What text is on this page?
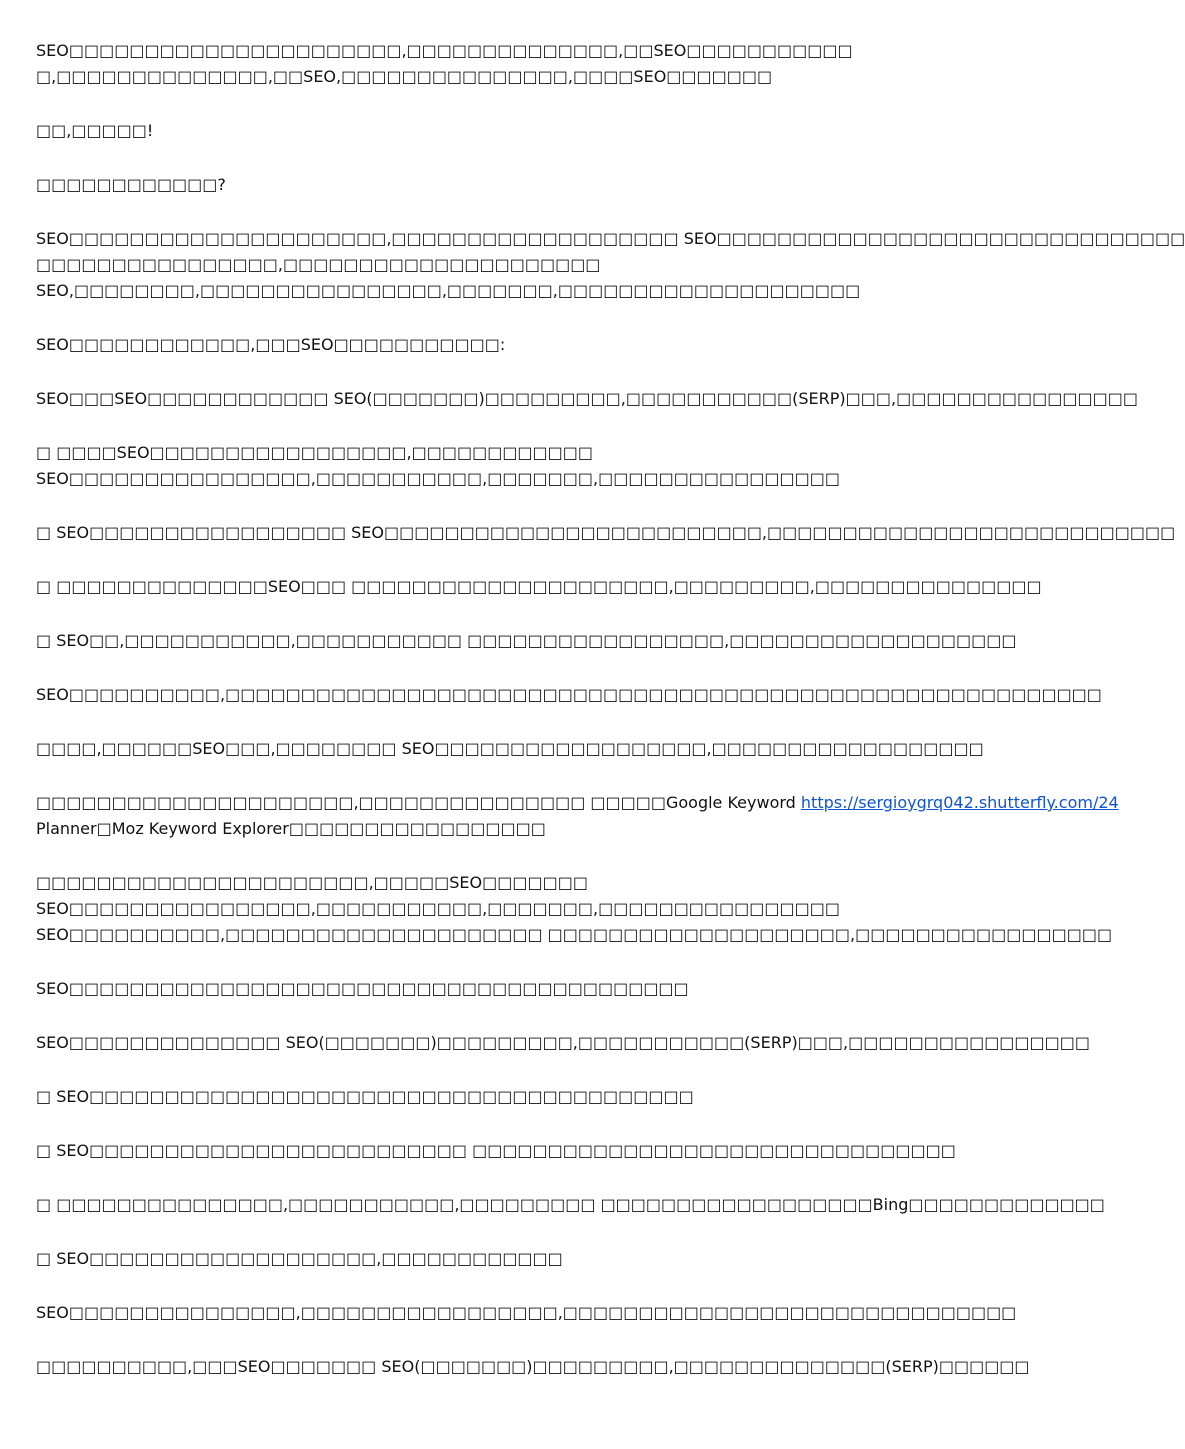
SEO□□□□□□□□□□□□□□□□□□□□□□,□□□□□□□□□□□□□□,□□SEO□□□□□□□□□□□
□,□□□□□□□□□□□□□□,□□SEO,□□□□□□□□□□□□□□□,□□□□SEO□□□□□□□

□□,□□□□□!

□□□□□□□□□□□□?

SEO□□□□□□□□□□□□□□□□□□□□□,□□□□□□□□□□□□□□□□□□□ SEO□□□□□□□□□□□□□□□□□□□□□□□□□□□□□□□
□□□□□□□□□□□□□□□□,□□□□□□□□□□□□□□□□□□□□□
SEO,□□□□□□□□,□□□□□□□□□□□□□□□□,□□□□□□□,□□□□□□□□□□□□□□□□□□□□

SEO□□□□□□□□□□□□,□□□SEO□□□□□□□□□□□:

SEO□□□SEO□□□□□□□□□□□□ SEO(□□□□□□□)□□□□□□□□□,□□□□□□□□□□□(SERP)□□□,□□□□□□□□□□□□□□□□

□ □□□□SEO□□□□□□□□□□□□□□□□□,□□□□□□□□□□□□
SEO□□□□□□□□□□□□□□□□,□□□□□□□□□□□,□□□□□□□,□□□□□□□□□□□□□□□□

□ SEO□□□□□□□□□□□□□□□□□ SEO□□□□□□□□□□□□□□□□□□□□□□□□□,□□□□□□□□□□□□□□□□□□□□□□□□□□□

□ □□□□□□□□□□□□□□SEO□□□ □□□□□□□□□□□□□□□□□□□□□,□□□□□□□□□,□□□□□□□□□□□□□□□

□ SEO□□,□□□□□□□□□□□,□□□□□□□□□□□ □□□□□□□□□□□□□□□□□,□□□□□□□□□□□□□□□□□□□

SEO□□□□□□□□□□,□□□□□□□□□□□□□□□□□□□□□□□□□□□□□□□□□□□□□□□□□□□□□□□□□□□□□□□□□□

□□□□,□□□□□□SEO□□□,□□□□□□□□ SEO□□□□□□□□□□□□□□□□□□,□□□□□□□□□□□□□□□□□□

□□□□□□□□□□□□□□□□□□□□□,□□□□□□□□□□□□□□□ □□□□□Google Keyword https://sergioygrq042.shutterfly.com/24
Planner□Moz Keyword Explorer□□□□□□□□□□□□□□□□□

□□□□□□□□□□□□□□□□□□□□□□,□□□□□SEO□□□□□□□
SEO□□□□□□□□□□□□□□□□,□□□□□□□□□□□,□□□□□□□,□□□□□□□□□□□□□□□□
SEO□□□□□□□□□□,□□□□□□□□□□□□□□□□□□□□□ □□□□□□□□□□□□□□□□□□□□,□□□□□□□□□□□□□□□□□

SEO□□□□□□□□□□□□□□□□□□□□□□□□□□□□□□□□□□□□□□□□□

SEO□□□□□□□□□□□□□□ SEO(□□□□□□□)□□□□□□□□□,□□□□□□□□□□□(SERP)□□□,□□□□□□□□□□□□□□□□

□ SEO□□□□□□□□□□□□□□□□□□□□□□□□□□□□□□□□□□□□□□□□

□ SEO□□□□□□□□□□□□□□□□□□□□□□□□□ □□□□□□□□□□□□□□□□□□□□□□□□□□□□□□□□

□ □□□□□□□□□□□□□□□,□□□□□□□□□□□,□□□□□□□□□ □□□□□□□□□□□□□□□□□□Bing□□□□□□□□□□□□□

□ SEO□□□□□□□□□□□□□□□□□□□,□□□□□□□□□□□□

SEO□□□□□□□□□□□□□□□,□□□□□□□□□□□□□□□□□,□□□□□□□□□□□□□□□□□□□□□□□□□□□□□□

□□□□□□□□□□,□□□SEO□□□□□□□ SEO(□□□□□□□)□□□□□□□□□,□□□□□□□□□□□□□□(SERP)□□□□□□
